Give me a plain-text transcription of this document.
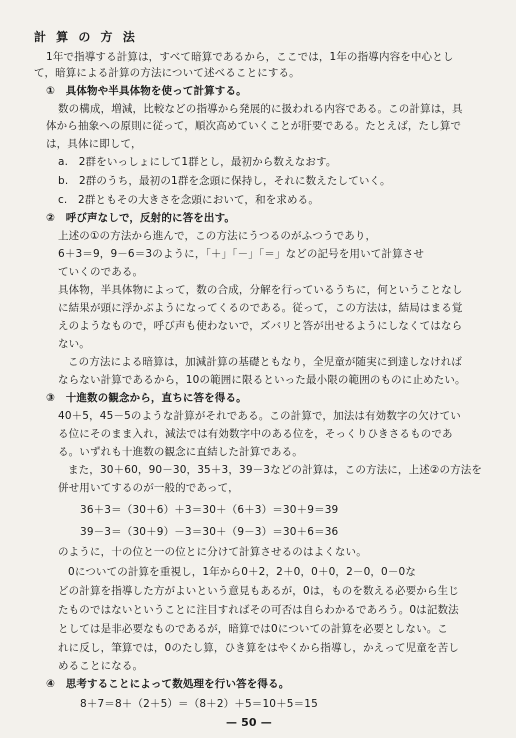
計 算 の 方 法
1年で指導する計算は，すべて暗算であるから，ここでは，1年の指導内容を中心とし
て，暗算による計算の方法について述べることにする。
①　具体物や半具体物を使って計算する。
数の構成，増減，比較などの指導から発展的に扱われる内容である。この計算は，具
体から抽象への原則に従って，順次高めていくことが肝要である。たとえば，たし算で
は，具体に即して，
a.　2群をいっしょにして1群とし，最初から数えなおす。
b.　2群のうち，最初の1群を念頭に保持し，それに数えたしていく。
c.　2群ともその大きさを念頭において，和を求める。
②　呼び声なしで，反射的に答を出す。
上述の①の方法から進んで，この方法にうつるのがふつうであり，
6＋3＝9，9－6＝3のように，「＋」「－」「＝」などの記号を用いて計算させ
ていくのである。
具体物，半具体物によって，数の合成，分解を行っているうちに，何ということなし
に結果が頭に浮かぶようになってくるのである。従って，この方法は，結局はまる覚
えのようなもので，呼び声も使わないで，ズバリと答が出せるようにしなくてはなら
ない。
この方法による暗算は，加減計算の基礎ともなり，全児童が随実に到達しなければ
ならない計算であるから，10の範囲に限るといった最小限の範囲のものに止めたい。
③　十進数の観念から，直ちに答を得る。
40＋5，45－5のような計算がそれである。この計算で，加法は有効数字の欠けてい
る位にそのまま入れ，減法では有効数字中のある位を，そっくりひきさるものであ
る。いずれも十進数の観念に直結した計算である。
また，30＋60，90－30，35＋3，39－3などの計算は，この方法に，上述②の方法を
併せ用いてするのが一般的であって，
36＋3＝（30＋6）＋3＝30＋（6＋3）＝30＋9＝39
39－3＝（30＋9）－3＝30＋（9－3）＝30＋6＝36
のように，十の位と一の位とに分けて計算させるのはよくない。
0についての計算を重視し，1年から0＋2，2＋0，0＋0，2－0，0－0な
どの計算を指導した方がよいという意見もあるが，0は，ものを数える必要から生じ
たものではないということに注目すればその可否は自らわかるであろう。0は記数法
としては是非必要なものであるが，暗算では0についての計算を必要としない。こ
れに反し，筆算では，0のたし算，ひき算をはやくから指導し，かえって児童を苦し
めることになる。
④　思考することによって数処理を行い答を得る。
8＋7＝8＋（2＋5）＝（8＋2）＋5＝10＋5＝15
— 50 —
